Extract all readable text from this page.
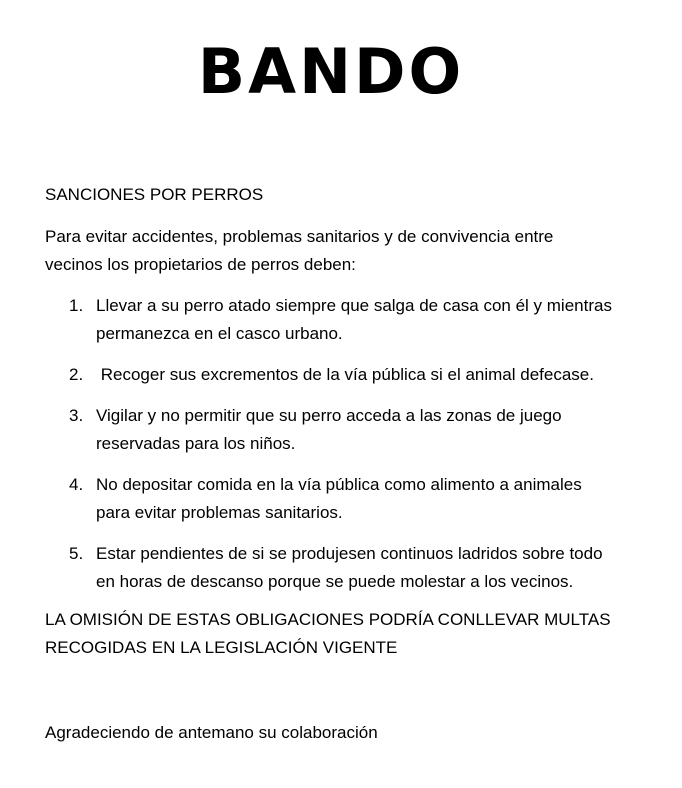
BANDO
SANCIONES POR PERROS
Para evitar accidentes, problemas sanitarios y de convivencia entre
vecinos los propietarios de perros deben:
1. Llevar a su perro atado siempre que salga de casa con él y mientras
permanezca en el casco urbano.
2. Recoger sus excrementos de la vía pública si el animal defecase.
3. Vigilar y no permitir que su perro acceda a las zonas de juego
reservadas para los niños.
4. No depositar comida en la vía pública como alimento a animales
para evitar problemas sanitarios.
5. Estar pendientes de si se produjesen continuos ladridos sobre todo
en horas de descanso porque se puede molestar a los vecinos.
LA OMISIÓN DE ESTAS OBLIGACIONES PODRÍA CONLLEVAR MULTAS
RECOGIDAS EN LA LEGISLACIÓN VIGENTE
Agradeciendo de antemano su colaboración
